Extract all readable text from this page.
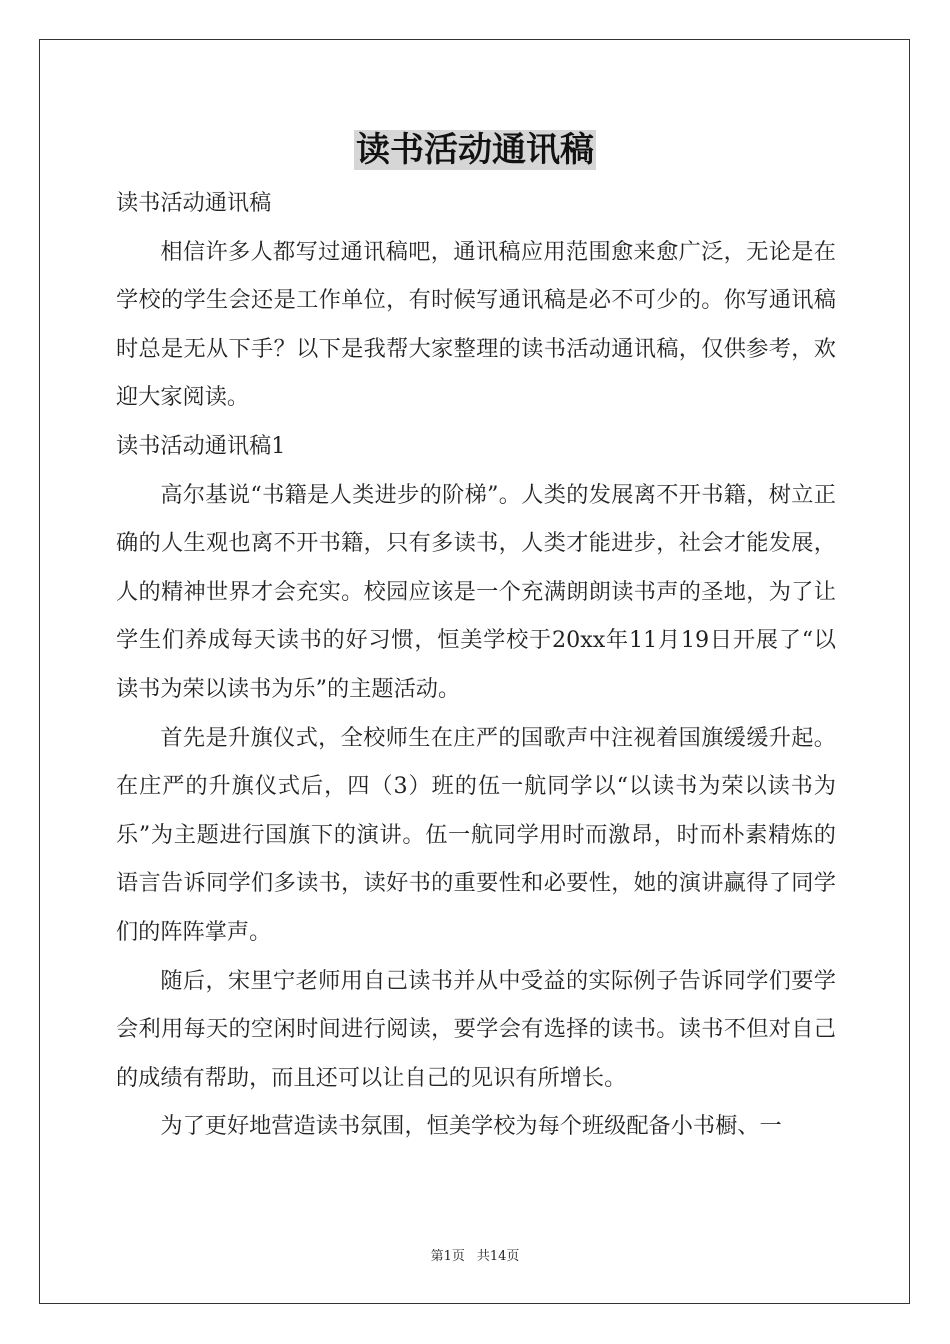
读书活动通讯稿

读书活动通讯稿

相信许多人都写过通讯稿吧，通讯稿应用范围愈来愈广泛，无论是在学校的学生会还是工作单位，有时候写通讯稿是必不可少的。你写通讯稿时总是无从下手？以下是我帮大家整理的读书活动通讯稿，仅供参考，欢迎大家阅读。

读书活动通讯稿1

高尔基说“书籍是人类进步的阶梯”。人类的发展离不开书籍，树立正确的人生观也离不开书籍，只有多读书，人类才能进步，社会才能发展，人的精神世界才会充实。校园应该是一个充满朗朗读书声的圣地，为了让学生们养成每天读书的好习惯，恒美学校于20xx年11月19日开展了“以读书为荣以读书为乐”的主题活动。

首先是升旗仪式，全校师生在庄严的国歌声中注视着国旗缓缓升起。在庄严的升旗仪式后，四（3）班的伍一航同学以“以读书为荣以读书为乐”为主题进行国旗下的演讲。伍一航同学用时而激昂，时而朴素精炼的语言告诉同学们多读书，读好书的重要性和必要性，她的演讲赢得了同学们的阵阵掌声。

随后，宋里宁老师用自己读书并从中受益的实际例子告诉同学们要学会利用每天的空闲时间进行阅读，要学会有选择的读书。读书不但对自己的成绩有帮助，而且还可以让自己的见识有所增长。

为了更好地营造读书氛围，恒美学校为每个班级配备小书橱、一

第1页 共14页
